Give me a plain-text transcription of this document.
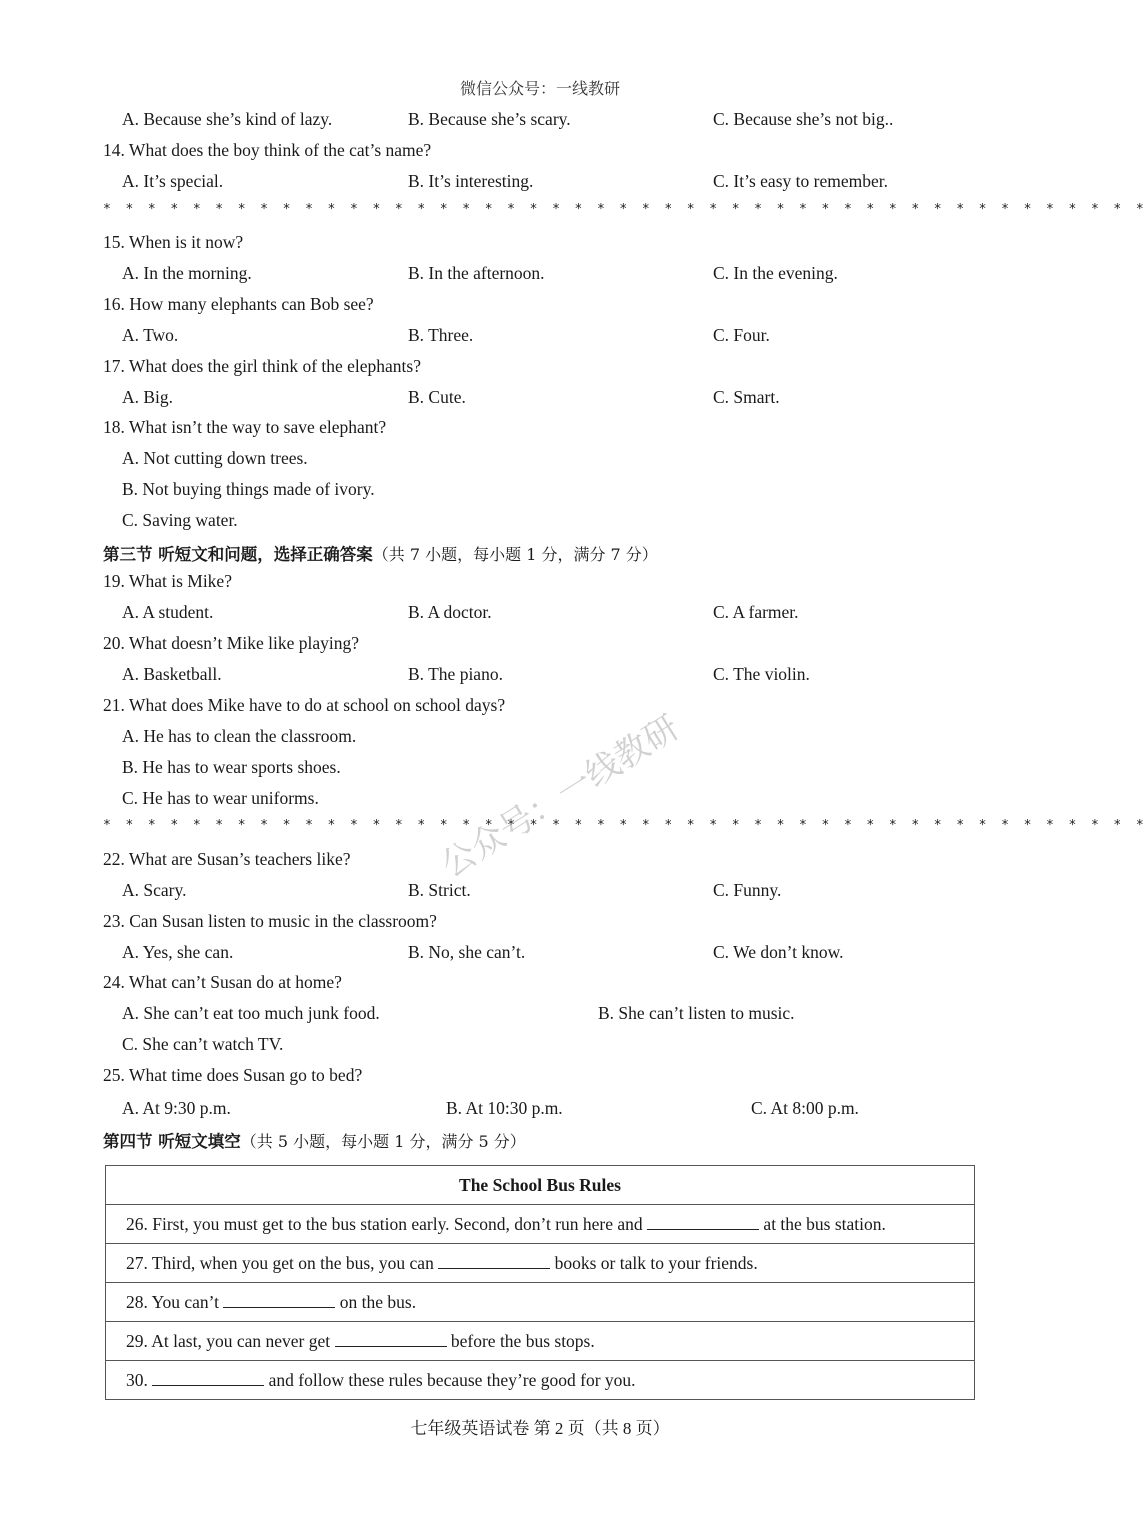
微信公众号：一线教研
A. Because she’s kind of lazy.	B. Because she’s scary.	C. Because she’s not big..
14. What does the boy think of the cat’s name?
A. It’s special.	B. It’s interesting.	C. It’s easy to remember.
* * * * * * * * * * * * * * * * * * * * * * * * * * * * * * * * * * * * * * * * * * * * * * *
15. When is it now?
A. In the morning.	B. In the afternoon.	C. In the evening.
16. How many elephants can Bob see?
A. Two.	B. Three.	C. Four.
17. What does the girl think of the elephants?
A. Big.	B. Cute.	C. Smart.
18. What isn’t the way to save elephant?
A. Not cutting down trees.
B. Not buying things made of ivory.
C. Saving water.
第三节 听短文和问题，选择正确答案（共 7 小题，每小题 1 分，满分 7 分）
19. What is Mike?
A. A student.	B. A doctor.	C. A farmer.
20. What doesn’t Mike like playing?
A. Basketball.	B. The piano.	C. The violin.
21. What does Mike have to do at school on school days?
A. He has to clean the classroom.
B. He has to wear sports shoes.
C. He has to wear uniforms.
* * * * * * * * * * * * * * * * * * * * * * * * * * * * * * * * * * * * * * * * * * * * * * *
22. What are Susan’s teachers like?
A. Scary.	B. Strict.	C. Funny.
23. Can Susan listen to music in the classroom?
A. Yes, she can.	B. No, she can’t.	C. We don’t know.
24. What can’t Susan do at home?
A. She can’t eat too much junk food.	B. She can’t listen to music.
C. She can’t watch TV.
25. What time does Susan go to bed?
A. At 9:30 p.m.	B. At 10:30 p.m.	C. At 8:00 p.m.
第四节 听短文填空（共 5 小题，每小题 1 分，满分 5 分）
The School Bus Rules
26. First, you must get to the bus station early. Second, don’t run here and	at the bus station.
27. Third, when you get on the bus, you can	books or talk to your friends.
28. You can’t	on the bus.
29. At last, you can never get	before the bus stops.
30.	and follow these rules because they’re good for you.
七年级英语试卷 第 2 页（共 8 页）
公众号：一线教研
